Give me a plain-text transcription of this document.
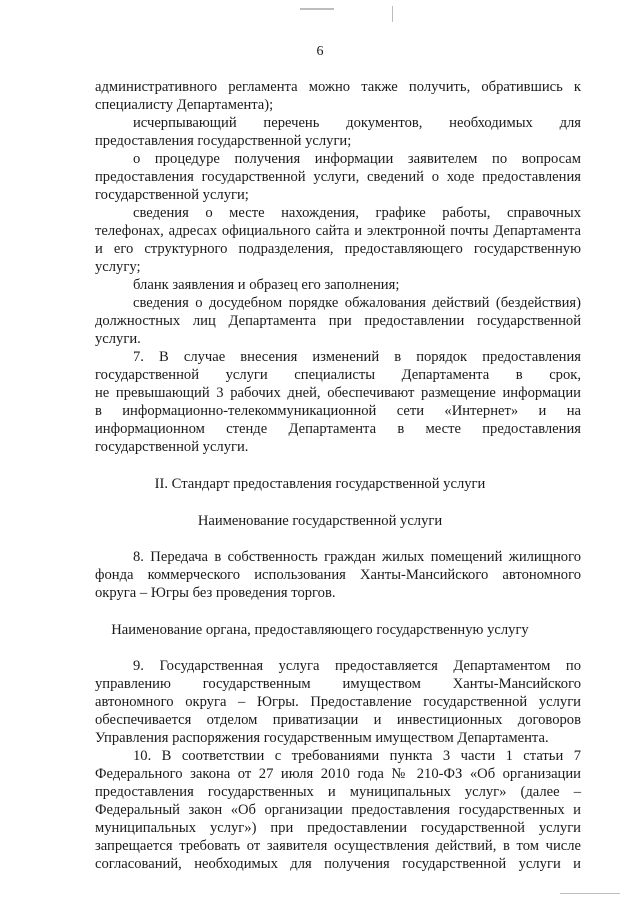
6
административного регламента можно также получить, обратившись к
специалисту Департамента);
исчерпывающий перечень документов, необходимых для
предоставления государственной услуги;
о процедуре получения информации заявителем по вопросам
предоставления государственной услуги, сведений о ходе предоставления
государственной услуги;
сведения о месте нахождения, графике работы, справочных
телефонах, адресах официального сайта и электронной почты Департамента
и его структурного подразделения, предоставляющего государственную
услугу;
бланк заявления и образец его заполнения;
сведения о досудебном порядке обжалования действий (бездействия)
должностных лиц Департамента при предоставлении государственной
услуги.
7. В случае внесения изменений в порядок предоставления
государственной услуги специалисты Департамента в срок,
не превышающий 3 рабочих дней, обеспечивают размещение информации
в информационно-телекоммуникационной сети «Интернет» и на
информационном стенде Департамента в месте предоставления
государственной услуги.
II. Стандарт предоставления государственной услуги
Наименование государственной услуги
8. Передача в собственность граждан жилых помещений жилищного
фонда коммерческого использования Ханты-Мансийского автономного
округа – Югры без проведения торгов.
Наименование органа, предоставляющего государственную услугу
9. Государственная услуга предоставляется Департаментом по
управлению государственным имуществом Ханты-Мансийского
автономного округа – Югры. Предоставление государственной услуги
обеспечивается отделом приватизации и инвестиционных договоров
Управления распоряжения государственным имуществом Департамента.
10. В соответствии с требованиями пункта 3 части 1 статьи 7
Федерального закона от 27 июля 2010 года № 210-ФЗ «Об организации
предоставления государственных и муниципальных услуг» (далее –
Федеральный закон «Об организации предоставления государственных и
муниципальных услуг») при предоставлении государственной услуги
запрещается требовать от заявителя осуществления действий, в том числе
согласований, необходимых для получения государственной услуги и
